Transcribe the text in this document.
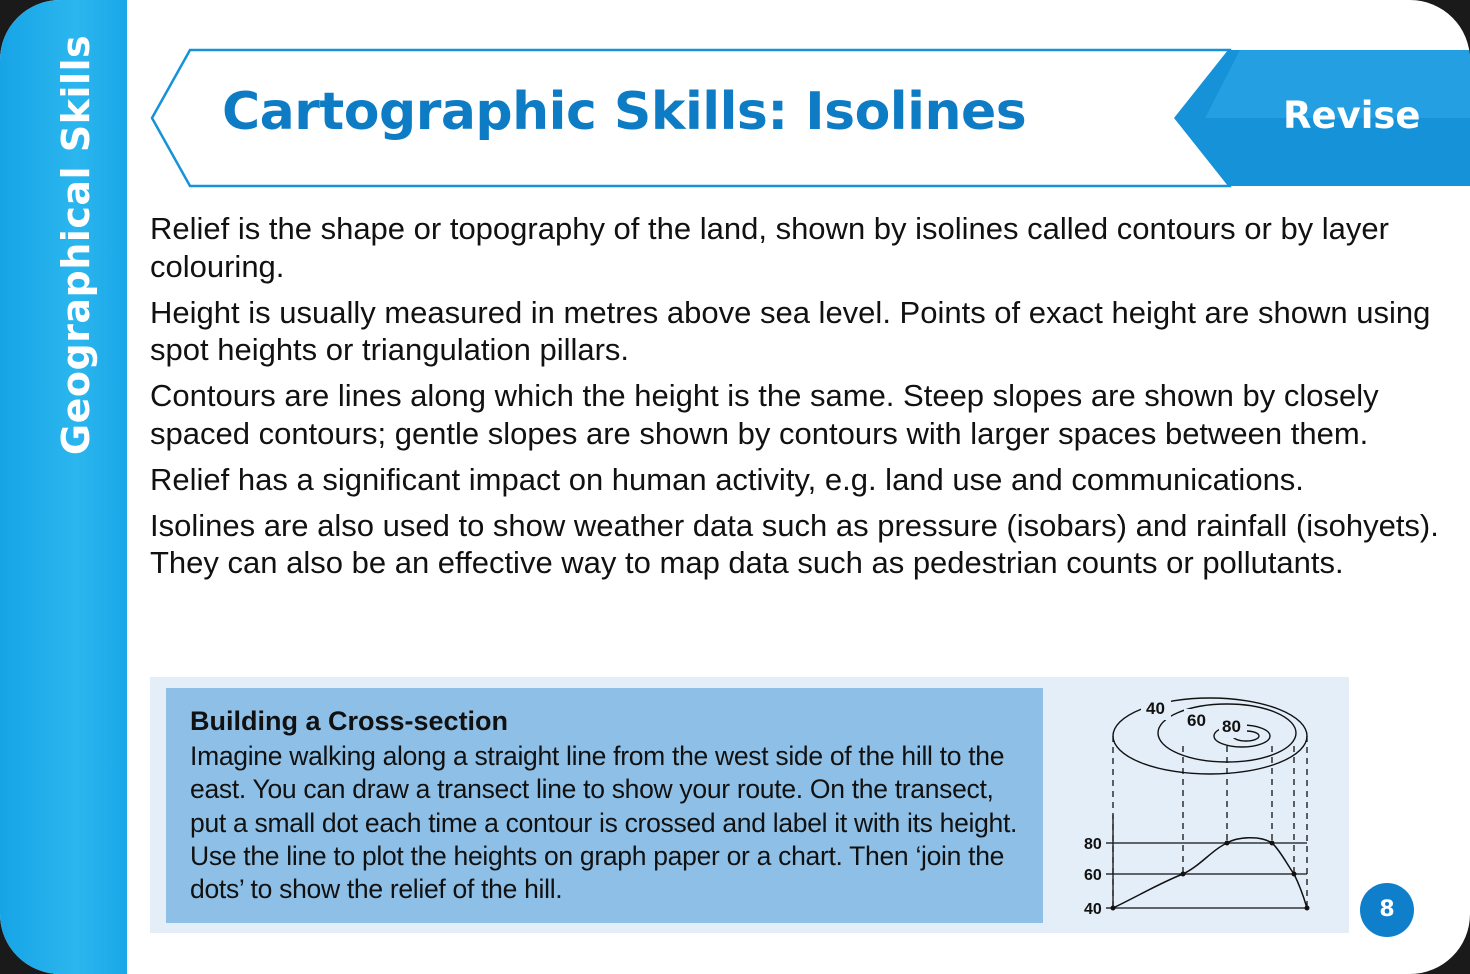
Geographical Skills Cartographic Skills: Isolines	Revise

Relief is the shape or topography of the land, shown by isolines called contours or by layer colouring.

Height is usually measured in metres above sea level. Points of exact height are shown using spot heights or triangulation pillars.

Contours are lines along which the height is the same. Steep slopes are shown by closely spaced contours; gentle slopes are shown by contours with larger spaces between them.

Relief has a significant impact on human activity, e.g. land use and communications.

Isolines are also used to show weather data such as pressure (isobars) and rainfall (isohyets). They can also be an effective way to map data such as pedestrian counts or pollutants.

Building a Cross-section
Imagine walking along a straight line from the west side of the hill to the east. You can draw a transect line to show your route. On the transect, put a small dot each time a contour is crossed and label it with its height. Use the line to plot the heights on graph paper or a chart. Then ‘join the dots’ to show the relief of the hill.
40
60 80
80
60
40	8
